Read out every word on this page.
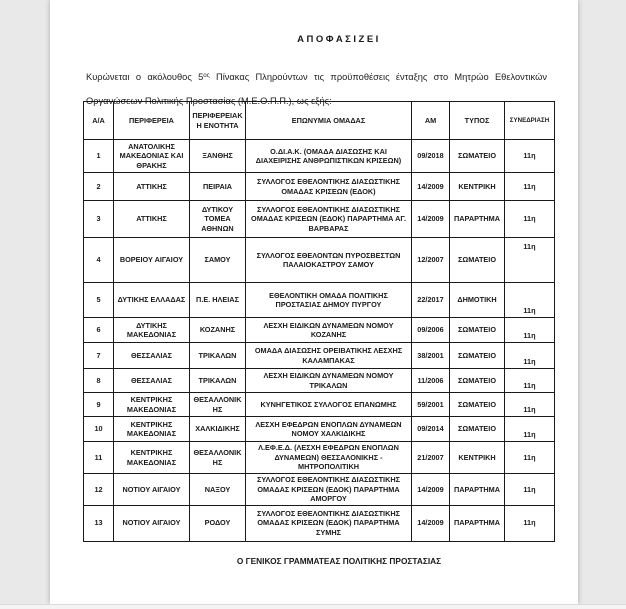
ΑΠΟΦΑΣΙΖΕΙ

Κυρώνεται ο ακόλουθος $5^{o\varsigma}$ Πίνακας Πληρούντων τις προϋποθέσεις ένταξης στο Μητρώο Εθελοντικών Οργανώσεων Πολιτικής Προστασίας (Μ.Ε.Ο.Π.Π.), ως εξής:

Α/Α	ΠΕΡΙΦΕΡΕΙΑ	ΠΕΡΙΦΕΡΕΙΑΚΗ ΕΝΟΤΗΤΑ	ΕΠΩΝΥΜΙΑ ΟΜΑΔΑΣ	ΑΜ	ΤΥΠΟΣ	ΣΥΝΕΔΡΙΑΣΗ
1	ΑΝΑΤΟΛΙΚΗΣ ΜΑΚΕΔΟΝΙΑΣ ΚΑΙ ΘΡΑΚΗΣ	ΞΑΝΘΗΣ	Ο.ΔΙ.Α.Κ. (ΟΜΑΔΑ ΔΙΑΣΩΣΗΣ ΚΑΙ ΔΙΑΧΕΙΡΙΣΗΣ ΑΝΘΡΩΠΙΣΤΙΚΩΝ ΚΡΙΣΕΩΝ)	09/2018	ΣΩΜΑΤΕΙΟ	11η
2	ΑΤΤΙΚΗΣ	ΠΕΙΡΑΙΑ	ΣΥΛΛΟΓΟΣ ΕΘΕΛΟΝΤΙΚΗΣ ΔΙΑΣΩΣΤΙΚΗΣ ΟΜΑΔΑΣ ΚΡΙΣΕΩΝ (ΕΔΟΚ)	14/2009	ΚΕΝΤΡΙΚΗ	11η
3	ΑΤΤΙΚΗΣ	ΔΥΤΙΚΟΥ ΤΟΜΕΑ ΑΘΗΝΩΝ	ΣΥΛΛΟΓΟΣ ΕΘΕΛΟΝΤΙΚΗΣ ΔΙΑΣΩΣΤΙΚΗΣ ΟΜΑΔΑΣ ΚΡΙΣΕΩΝ (ΕΔΟΚ) ΠΑΡΑΡΤΗΜΑ ΑΓ. ΒΑΡΒΑΡΑΣ	14/2009	ΠΑΡΑΡΤΗΜΑ	11η
4	ΒΟΡΕΙΟΥ ΑΙΓΑΙΟΥ	ΣΑΜΟΥ	ΣΥΛΛΟΓΟΣ ΕΘΕΛΟΝΤΩΝ ΠΥΡΟΣΒΕΣΤΩΝ ΠΑΛΑΙΟΚΑΣΤΡΟΥ ΣΑΜΟΥ	12/2007	ΣΩΜΑΤΕΙΟ	11η
5	ΔΥΤΙΚΗΣ ΕΛΛΑΔΑΣ	Π.Ε. ΗΛΕΙΑΣ	ΕΘΕΛΟΝΤΙΚΗ ΟΜΑΔΑ ΠΟΛΙΤΙΚΗΣ ΠΡΟΣΤΑΣΙΑΣ ΔΗΜΟΥ ΠΥΡΓΟΥ	22/2017	ΔΗΜΟΤΙΚΗ	11η
6	ΔΥΤΙΚΗΣ ΜΑΚΕΔΟΝΙΑΣ	ΚΟΖΑΝΗΣ	ΛΕΣΧΗ ΕΙΔΙΚΩΝ ΔΥΝΑΜΕΩΝ ΝΟΜΟΥ ΚΟΖΑΝΗΣ	09/2006	ΣΩΜΑΤΕΙΟ	11η
7	ΘΕΣΣΑΛΙΑΣ	ΤΡΙΚΑΛΩΝ	ΟΜΑΔΑ ΔΙΑΣΩΣΗΣ ΟΡΕΙΒΑΤΙΚΗΣ ΛΕΣΧΗΣ ΚΑΛΑΜΠΑΚΑΣ	38/2001	ΣΩΜΑΤΕΙΟ	11η
8	ΘΕΣΣΑΛΙΑΣ	ΤΡΙΚΑΛΩΝ	ΛΕΣΧΗ ΕΙΔΙΚΩΝ ΔΥΝΑΜΕΩΝ ΝΟΜΟΥ ΤΡΙΚΑΛΩΝ	11/2006	ΣΩΜΑΤΕΙΟ	11η
9	ΚΕΝΤΡΙΚΗΣ ΜΑΚΕΔΟΝΙΑΣ	ΘΕΣΑΛΛΟΝΙΚΗΣ	ΚΥΝΗΓΕΤΙΚΟΣ ΣΥΛΛΟΓΟΣ ΕΠΑΝΩΜΗΣ	59/2001	ΣΩΜΑΤΕΙΟ	11η
10	ΚΕΝΤΡΙΚΗΣ ΜΑΚΕΔΟΝΙΑΣ	ΧΑΛΚΙΔΙΚΗΣ	ΛΕΣΧΗ ΕΦΕΔΡΩΝ ΕΝΟΠΛΩΝ ΔΥΝΑΜΕΩΝ ΝΟΜΟΥ ΧΑΛΚΙΔΙΚΗΣ	09/2014	ΣΩΜΑΤΕΙΟ	11η
11	ΚΕΝΤΡΙΚΗΣ ΜΑΚΕΔΟΝΙΑΣ	ΘΕΣΑΛΛΟΝΙΚΗΣ	Λ.ΕΦ.Ε.Δ. (ΛΕΣΧΗ ΕΦΕΔΡΩΝ ΕΝΟΠΛΩΝ ΔΥΝΑΜΕΩΝ) ΘΕΣΣΑΛΟΝΙΚΗΣ - ΜΗΤΡΟΠΟΛΙΤΙΚΗ	21/2007	ΚΕΝΤΡΙΚΗ	11η
12	ΝΟΤΙΟΥ ΑΙΓΑΙΟΥ	ΝΑΞΟΥ	ΣΥΛΛΟΓΟΣ ΕΘΕΛΟΝΤΙΚΗΣ ΔΙΑΣΩΣΤΙΚΗΣ ΟΜΑΔΑΣ ΚΡΙΣΕΩΝ (ΕΔΟΚ) ΠΑΡΑΡΤΗΜΑ ΑΜΟΡΓΟΥ	14/2009	ΠΑΡΑΡΤΗΜΑ	11η
13	ΝΟΤΙΟΥ ΑΙΓΑΙΟΥ	ΡΟΔΟΥ	ΣΥΛΛΟΓΟΣ ΕΘΕΛΟΝΤΙΚΗΣ ΔΙΑΣΩΣΤΙΚΗΣ ΟΜΑΔΑΣ ΚΡΙΣΕΩΝ (ΕΔΟΚ) ΠΑΡΑΡΤΗΜΑ ΣΥΜΗΣ	14/2009	ΠΑΡΑΡΤΗΜΑ	11η
Ο ΓΕΝΙΚΟΣ ΓΡΑΜΜΑΤΕΑΣ ΠΟΛΙΤΙΚΗΣ ΠΡΟΣΤΑΣΙΑΣ
